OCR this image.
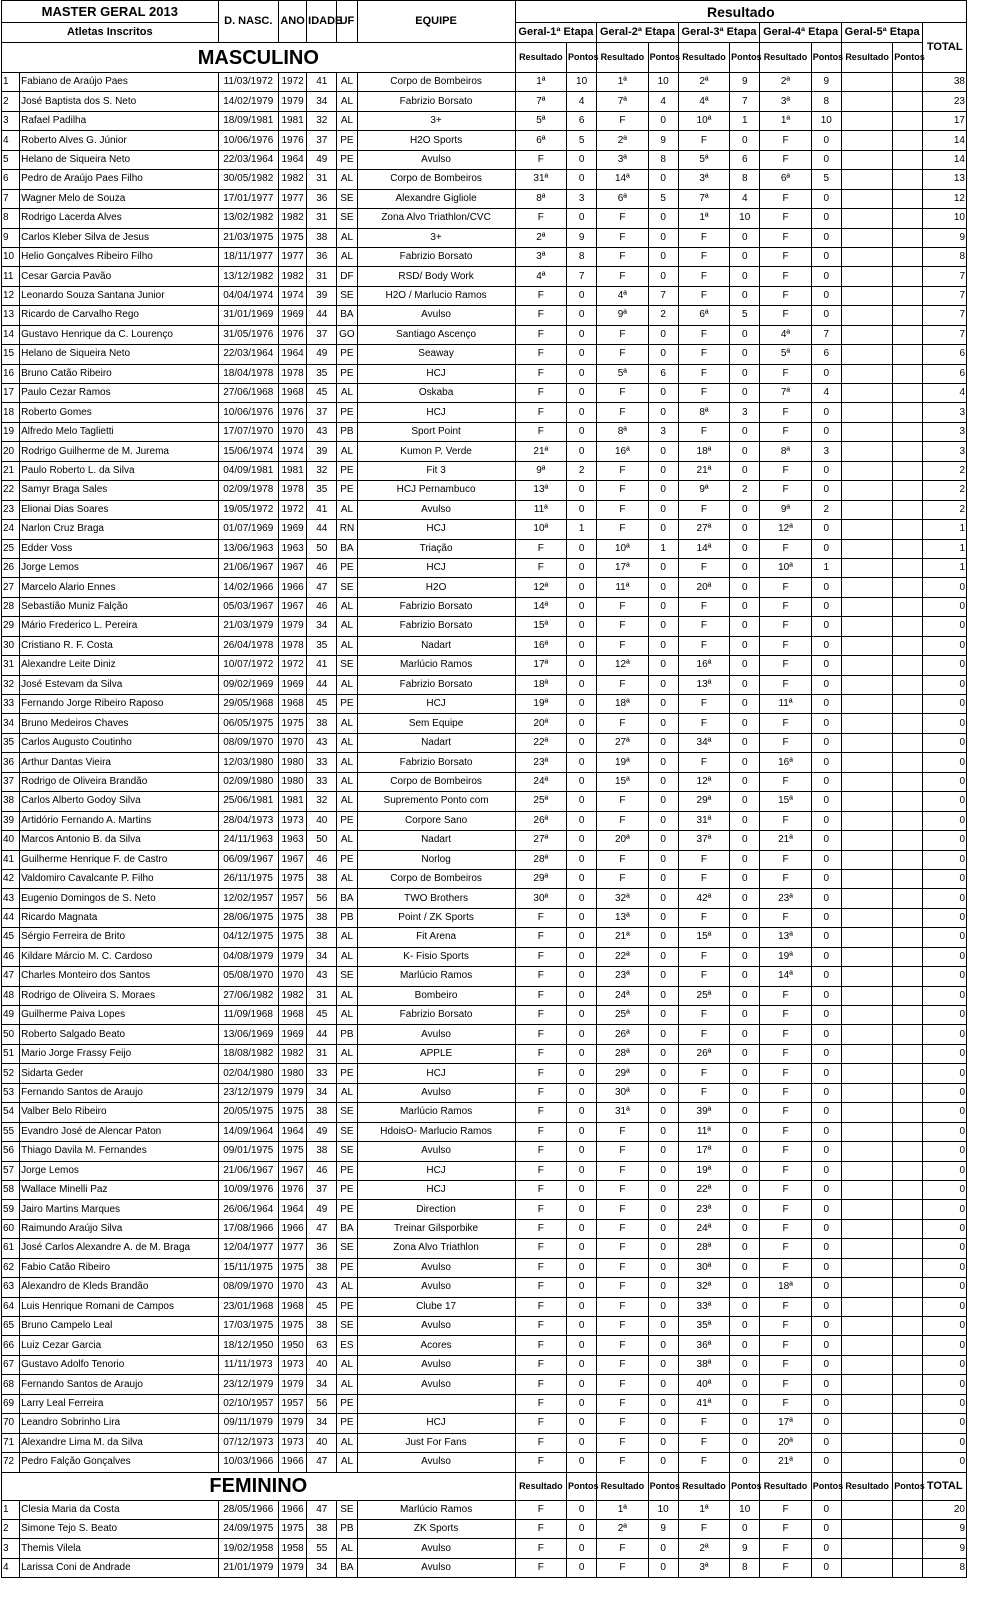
MASTER GERAL 2013		D. NASC.	ANO	IDADE	UF	EQUIPE	Resultado										
Atletas Inscritos							Geral-1ª Etapa		Geral-2ª Etapa		Geral-3ª Etapa		Geral-4ª Etapa		Geral-5ª Etapa		TOTAL
MASCULINO							Resultado	Pontos	Resultado	Pontos	Resultado	Pontos	Resultado	Pontos	Resultado	Pontos	
1	Fabiano de Araújo Paes	11/03/1972	1972	41	AL	Corpo de Bombeiros	1ª	10	1ª	10	2ª	9	2ª	9			38
2	José Baptista dos S. Neto	14/02/1979	1979	34	AL	Fabrizio Borsato	7ª	4	7ª	4	4ª	7	3ª	8			23
3	Rafael Padilha	18/09/1981	1981	32	AL	3+	5ª	6	F	0	10ª	1	1ª	10			17
4	Roberto Alves G. Júnior	10/06/1976	1976	37	PE	H2O Sports	6ª	5	2ª	9	F	0	F	0			14
5	Helano de Siqueira Neto	22/03/1964	1964	49	PE	Avulso	F	0	3ª	8	5ª	6	F	0			14
6	Pedro de Araújo Paes Filho	30/05/1982	1982	31	AL	Corpo de Bombeiros	31ª	0	14ª	0	3ª	8	6ª	5			13
7	Wagner Melo de Souza	17/01/1977	1977	36	SE	Alexandre Gigliole	8ª	3	6ª	5	7ª	4	F	0			12
8	Rodrigo Lacerda Alves	13/02/1982	1982	31	SE	Zona Alvo Triathlon/CVC	F	0	F	0	1ª	10	F	0			10
9	Carlos Kleber Silva de Jesus	21/03/1975	1975	38	AL	3+	2ª	9	F	0	F	0	F	0			9
10	Helio Gonçalves Ribeiro Filho	18/11/1977	1977	36	AL	Fabrizio Borsato	3ª	8	F	0	F	0	F	0			8
11	Cesar Garcia Pavão	13/12/1982	1982	31	DF	RSD/ Body Work	4ª	7	F	0	F	0	F	0			7
12	Leonardo Souza Santana Junior	04/04/1974	1974	39	SE	H2O / Marlucio Ramos	F	0	4ª	7	F	0	F	0			7
13	Ricardo de Carvalho Rego	31/01/1969	1969	44	BA	Avulso	F	0	9ª	2	6ª	5	F	0			7
14	Gustavo Henrique da C. Lourenço	31/05/1976	1976	37	GO	Santiago Ascenço	F	0	F	0	F	0	4ª	7			7
15	Helano de Siqueira Neto	22/03/1964	1964	49	PE	Seaway	F	0	F	0	F	0	5ª	6			6
16	Bruno Catão Ribeiro	18/04/1978	1978	35	PE	HCJ	F	0	5ª	6	F	0	F	0			6
17	Paulo Cezar Ramos	27/06/1968	1968	45	AL	Oskaba	F	0	F	0	F	0	7ª	4			4
18	Roberto Gomes	10/06/1976	1976	37	PE	HCJ	F	0	F	0	8ª	3	F	0			3
19	Alfredo Melo Taglietti	17/07/1970	1970	43	PB	Sport Point	F	0	8ª	3	F	0	F	0			3
20	Rodrigo Guilherme de M. Jurema	15/06/1974	1974	39	AL	Kumon P. Verde	21ª	0	16ª	0	18ª	0	8ª	3			3
21	Paulo Roberto L. da Silva	04/09/1981	1981	32	PE	Fit 3	9ª	2	F	0	21ª	0	F	0			2
22	Samyr Braga Sales	02/09/1978	1978	35	PE	HCJ Pernambuco	13ª	0	F	0	9ª	2	F	0			2
23	Elionai Dias Soares	19/05/1972	1972	41	AL	Avulso	11ª	0	F	0	F	0	9ª	2			2
24	Narlon Cruz Braga	01/07/1969	1969	44	RN	HCJ	10ª	1	F	0	27ª	0	12ª	0			1
25	Edder Voss	13/06/1963	1963	50	BA	Triação	F	0	10ª	1	14ª	0	F	0			1
26	Jorge Lemos	21/06/1967	1967	46	PE	HCJ	F	0	17ª	0	F	0	10ª	1			1
27	Marcelo Alario Ennes	14/02/1966	1966	47	SE	H2O	12ª	0	11ª	0	20ª	0	F	0			0
28	Sebastião Muniz Falção	05/03/1967	1967	46	AL	Fabrizio Borsato	14ª	0	F	0	F	0	F	0			0
29	Mário Frederico L. Pereira	21/03/1979	1979	34	AL	Fabrizio Borsato	15ª	0	F	0	F	0	F	0			0
30	Cristiano R. F. Costa	26/04/1978	1978	35	AL	Nadart	16ª	0	F	0	F	0	F	0			0
31	Alexandre Leite Diniz	10/07/1972	1972	41	SE	Marlúcio Ramos	17ª	0	12ª	0	16ª	0	F	0			0
32	José Estevam da Silva	09/02/1969	1969	44	AL	Fabrizio Borsato	18ª	0	F	0	13ª	0	F	0			0
33	Fernando Jorge Ribeiro Raposo	29/05/1968	1968	45	PE	HCJ	19ª	0	18ª	0	F	0	11ª	0			0
34	Bruno Medeiros Chaves	06/05/1975	1975	38	AL	Sem Equipe	20ª	0	F	0	F	0	F	0			0
35	Carlos Augusto Coutinho	08/09/1970	1970	43	AL	Nadart	22ª	0	27ª	0	34ª	0	F	0			0
36	Arthur Dantas Vieira	12/03/1980	1980	33	AL	Fabrizio Borsato	23ª	0	19ª	0	F	0	16ª	0			0
37	Rodrigo de Oliveira Brandão	02/09/1980	1980	33	AL	Corpo de Bombeiros	24ª	0	15ª	0	12ª	0	F	0			0
38	Carlos Alberto Godoy Silva	25/06/1981	1981	32	AL	Supremento Ponto com	25ª	0	F	0	29ª	0	15ª	0			0
39	Artidório Fernando A. Martins	28/04/1973	1973	40	PE	Corpore Sano	26ª	0	F	0	31ª	0	F	0			0
40	Marcos Antonio B. da Silva	24/11/1963	1963	50	AL	Nadart	27ª	0	20ª	0	37ª	0	21ª	0			0
41	Guilherme Henrique F. de Castro	06/09/1967	1967	46	PE	Norlog	28ª	0	F	0	F	0	F	0			0
42	Valdomiro Cavalcante P. Filho	26/11/1975	1975	38	AL	Corpo de Bombeiros	29ª	0	F	0	F	0	F	0			0
43	Eugenio Domingos de S. Neto	12/02/1957	1957	56	BA	TWO Brothers	30ª	0	32ª	0	42ª	0	23ª	0			0
44	Ricardo Magnata	28/06/1975	1975	38	PB	Point / ZK Sports	F	0	13ª	0	F	0	F	0			0
45	Sérgio Ferreira de Brito	04/12/1975	1975	38	AL	Fit Arena	F	0	21ª	0	15ª	0	13ª	0			0
46	Kildare Márcio M. C. Cardoso	04/08/1979	1979	34	AL	K- Fisio Sports	F	0	22ª	0	F	0	19ª	0			0
47	Charles Monteiro dos Santos	05/08/1970	1970	43	SE	Marlúcio Ramos	F	0	23ª	0	F	0	14ª	0			0
48	Rodrigo de Oliveira S. Moraes	27/06/1982	1982	31	AL	Bombeiro	F	0	24ª	0	25ª	0	F	0			0
49	Guilherme Paiva Lopes	11/09/1968	1968	45	AL	Fabrizio Borsato	F	0	25ª	0	F	0	F	0			0
50	Roberto Salgado Beato	13/06/1969	1969	44	PB	Avulso	F	0	26ª	0	F	0	F	0			0
51	Mario Jorge Frassy Feijo	18/08/1982	1982	31	AL	APPLE	F	0	28ª	0	26ª	0	F	0			0
52	Sidarta Geder	02/04/1980	1980	33	PE	HCJ	F	0	29ª	0	F	0	F	0			0
53	Fernando Santos de Araujo	23/12/1979	1979	34	AL	Avulso	F	0	30ª	0	F	0	F	0			0
54	Valber Belo Ribeiro	20/05/1975	1975	38	SE	Marlúcio Ramos	F	0	31ª	0	39ª	0	F	0			0
55	Evandro José de Alencar Paton	14/09/1964	1964	49	SE	HdoisO- Marlucio Ramos	F	0	F	0	11ª	0	F	0			0
56	Thiago Davila M. Fernandes	09/01/1975	1975	38	SE	Avulso	F	0	F	0	17ª	0	F	0			0
57	Jorge Lemos	21/06/1967	1967	46	PE	HCJ	F	0	F	0	19ª	0	F	0			0
58	Wallace Minelli Paz	10/09/1976	1976	37	PE	HCJ	F	0	F	0	22ª	0	F	0			0
59	Jairo Martins Marques	26/06/1964	1964	49	PE	Direction	F	0	F	0	23ª	0	F	0			0
60	Raimundo Araújo Silva	17/08/1966	1966	47	BA	Treinar Gilsporbike	F	0	F	0	24ª	0	F	0			0
61	José Carlos Alexandre A. de M. Braga	12/04/1977	1977	36	SE	Zona Alvo Triathlon	F	0	F	0	28ª	0	F	0			0
62	Fabio Catão Ribeiro	15/11/1975	1975	38	PE	Avulso	F	0	F	0	30ª	0	F	0			0
63	Alexandro de Kleds Brandão	08/09/1970	1970	43	AL	Avulso	F	0	F	0	32ª	0	18ª	0			0
64	Luis Henrique Romani de Campos	23/01/1968	1968	45	PE	Clube 17	F	0	F	0	33ª	0	F	0			0
65	Bruno Campelo Leal	17/03/1975	1975	38	SE	Avulso	F	0	F	0	35ª	0	F	0			0
66	Luiz Cezar Garcia	18/12/1950	1950	63	ES	Acores	F	0	F	0	36ª	0	F	0			0
67	Gustavo Adolfo Tenorio	11/11/1973	1973	40	AL	Avulso	F	0	F	0	38ª	0	F	0			0
68	Fernando Santos de Araujo	23/12/1979	1979	34	AL	Avulso	F	0	F	0	40ª	0	F	0			0
69	Larry Leal Ferreira	02/10/1957	1957	56	PE		F	0	F	0	41ª	0	F	0			0
70	Leandro Sobrinho Lira	09/11/1979	1979	34	PE	HCJ	F	0	F	0	F	0	17ª	0			0
71	Alexandre Lima M. da Silva	07/12/1973	1973	40	AL	Just For Fans	F	0	F	0	F	0	20ª	0			0
72	Pedro Falção Gonçalves	10/03/1966	1966	47	AL	Avulso	F	0	F	0	F	0	21ª	0			0
FEMININO							Resultado	Pontos	Resultado	Pontos	Resultado	Pontos	Resultado	Pontos	Resultado	Pontos	TOTAL
1	Clesia Maria da Costa	28/05/1966	1966	47	SE	Marlúcio Ramos	F	0	1ª	10	1ª	10	F	0			20
2	Simone Tejo S. Beato	24/09/1975	1975	38	PB	ZK Sports	F	0	2ª	9	F	0	F	0			9
3	Themis Vilela	19/02/1958	1958	55	AL	Avulso	F	0	F	0	2ª	9	F	0			9
4	Larissa Coni de Andrade	21/01/1979	1979	34	BA	Avulso	F	0	F	0	3ª	8	F	0			8
